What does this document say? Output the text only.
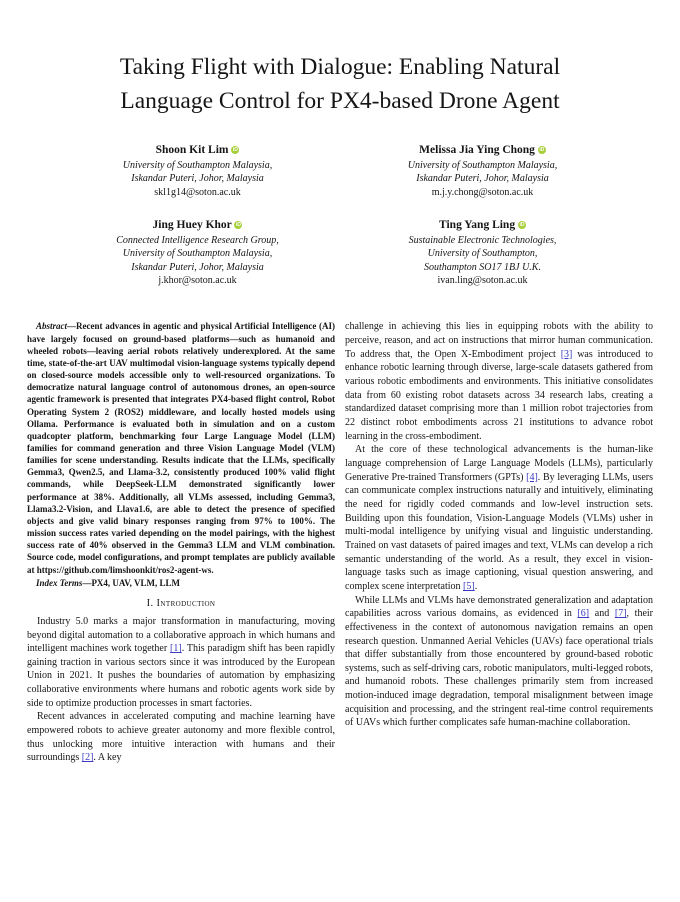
Taking Flight with Dialogue: Enabling Natural
Language Control for PX4-based Drone Agent
Shoon Kit Lim iD
University of Southampton Malaysia,
Iskandar Puteri, Johor, Malaysia
skl1g14@soton.ac.uk
Melissa Jia Ying Chong iD
University of Southampton Malaysia,
Iskandar Puteri, Johor, Malaysia
m.j.y.chong@soton.ac.uk
Jing Huey Khor iD
Connected Intelligence Research Group,
University of Southampton Malaysia,
Iskandar Puteri, Johor, Malaysia
j.khor@soton.ac.uk
Ting Yang Ling iD
Sustainable Electronic Technologies,
University of Southampton,
Southampton SO17 1BJ U.K.
ivan.ling@soton.ac.uk

Abstract—Recent advances in agentic and physical Artificial Intelligence (AI) have largely focused on ground-based platforms—such as humanoid and wheeled robots—leaving aerial robots relatively underexplored. At the same time, state-of-the-art UAV multimodal vision-language systems typically depend on closed-source models accessible only to well-resourced organizations. To democratize natural language control of autonomous drones, an open-source agentic framework is presented that integrates PX4-based flight control, Robot Operating System 2 (ROS2) middleware, and locally hosted models using Ollama. Performance is evaluated both in simulation and on a custom quadcopter platform, benchmarking four Large Language Model (LLM) families for command generation and three Vision Language Model (VLM) families for scene understanding. Results indicate that the LLMs, specifically Gemma3, Qwen2.5, and Llama-3.2, consistently produced 100% valid flight commands, while DeepSeek-LLM demonstrated significantly lower performance at 38%. Additionally, all VLMs assessed, including Gemma3, Llama3.2-Vision, and Llava1.6, are able to detect the presence of specified objects and give valid binary responses ranging from 97% to 100%. The mission success rates varied depending on the model pairings, with the highest success rate of 40% observed in the Gemma3 LLM and VLM combination. Source code, model configurations, and prompt templates are publicly available at https://github.com/limshoonkit/ros2-agent-ws.

Index Terms—PX4, UAV, VLM, LLM

I. Introduction

Industry 5.0 marks a major transformation in manufacturing, moving beyond digital automation to a collaborative approach in which humans and intelligent machines work together [1]. This paradigm shift has been rapidly gaining traction in various sectors since it was introduced by the European Union in 2021. It pushes the boundaries of automation by emphasizing collaborative environments where humans and robotic agents work side by side to optimize production processes in smart factories.

Recent advances in accelerated computing and machine learning have empowered robots to achieve greater autonomy and more flexible control, thus unlocking more intuitive interaction with humans and their surroundings [2]. A key

challenge in achieving this lies in equipping robots with the ability to perceive, reason, and act on instructions that mirror human communication. To address that, the Open X-Embodiment project [3] was introduced to enhance robotic learning through diverse, large-scale datasets gathered from various robotic embodiments and environments. This initiative consolidates data from 60 existing robot datasets across 34 research labs, creating a standardized dataset comprising more than 1 million robot trajectories from 22 distinct robot embodiments across 21 institutions to advance robot learning in the cross-embodiment.

At the core of these technological advancements is the human-like language comprehension of Large Language Models (LLMs), particularly Generative Pre-trained Transformers (GPTs) [4]. By leveraging LLMs, users can communicate complex instructions naturally and intuitively, eliminating the need for rigidly coded commands and low-level instruction sets. Building upon this foundation, Vision-Language Models (VLMs) usher in multi-modal intelligence by unifying visual and linguistic understanding. Trained on vast datasets of paired images and text, VLMs can develop a rich semantic understanding of the world. As a result, they excel in vision-language tasks such as image captioning, visual question answering, and complex scene interpretation [5].

While LLMs and VLMs have demonstrated generalization and adaptation capabilities across various domains, as evidenced in [6] and [7], their effectiveness in the context of autonomous navigation remains an open research question. Unmanned Aerial Vehicles (UAVs) face operational trials that differ substantially from those encountered by ground-based robotic systems, such as self-driving cars, robotic manipulators, multi-legged robots, and humanoid robots. These challenges primarily stem from increased motion-induced image degradation, temporal misalignment between image acquisition and processing, and the stringent real-time control requirements of UAVs which further complicates safe human-machine collaboration.
